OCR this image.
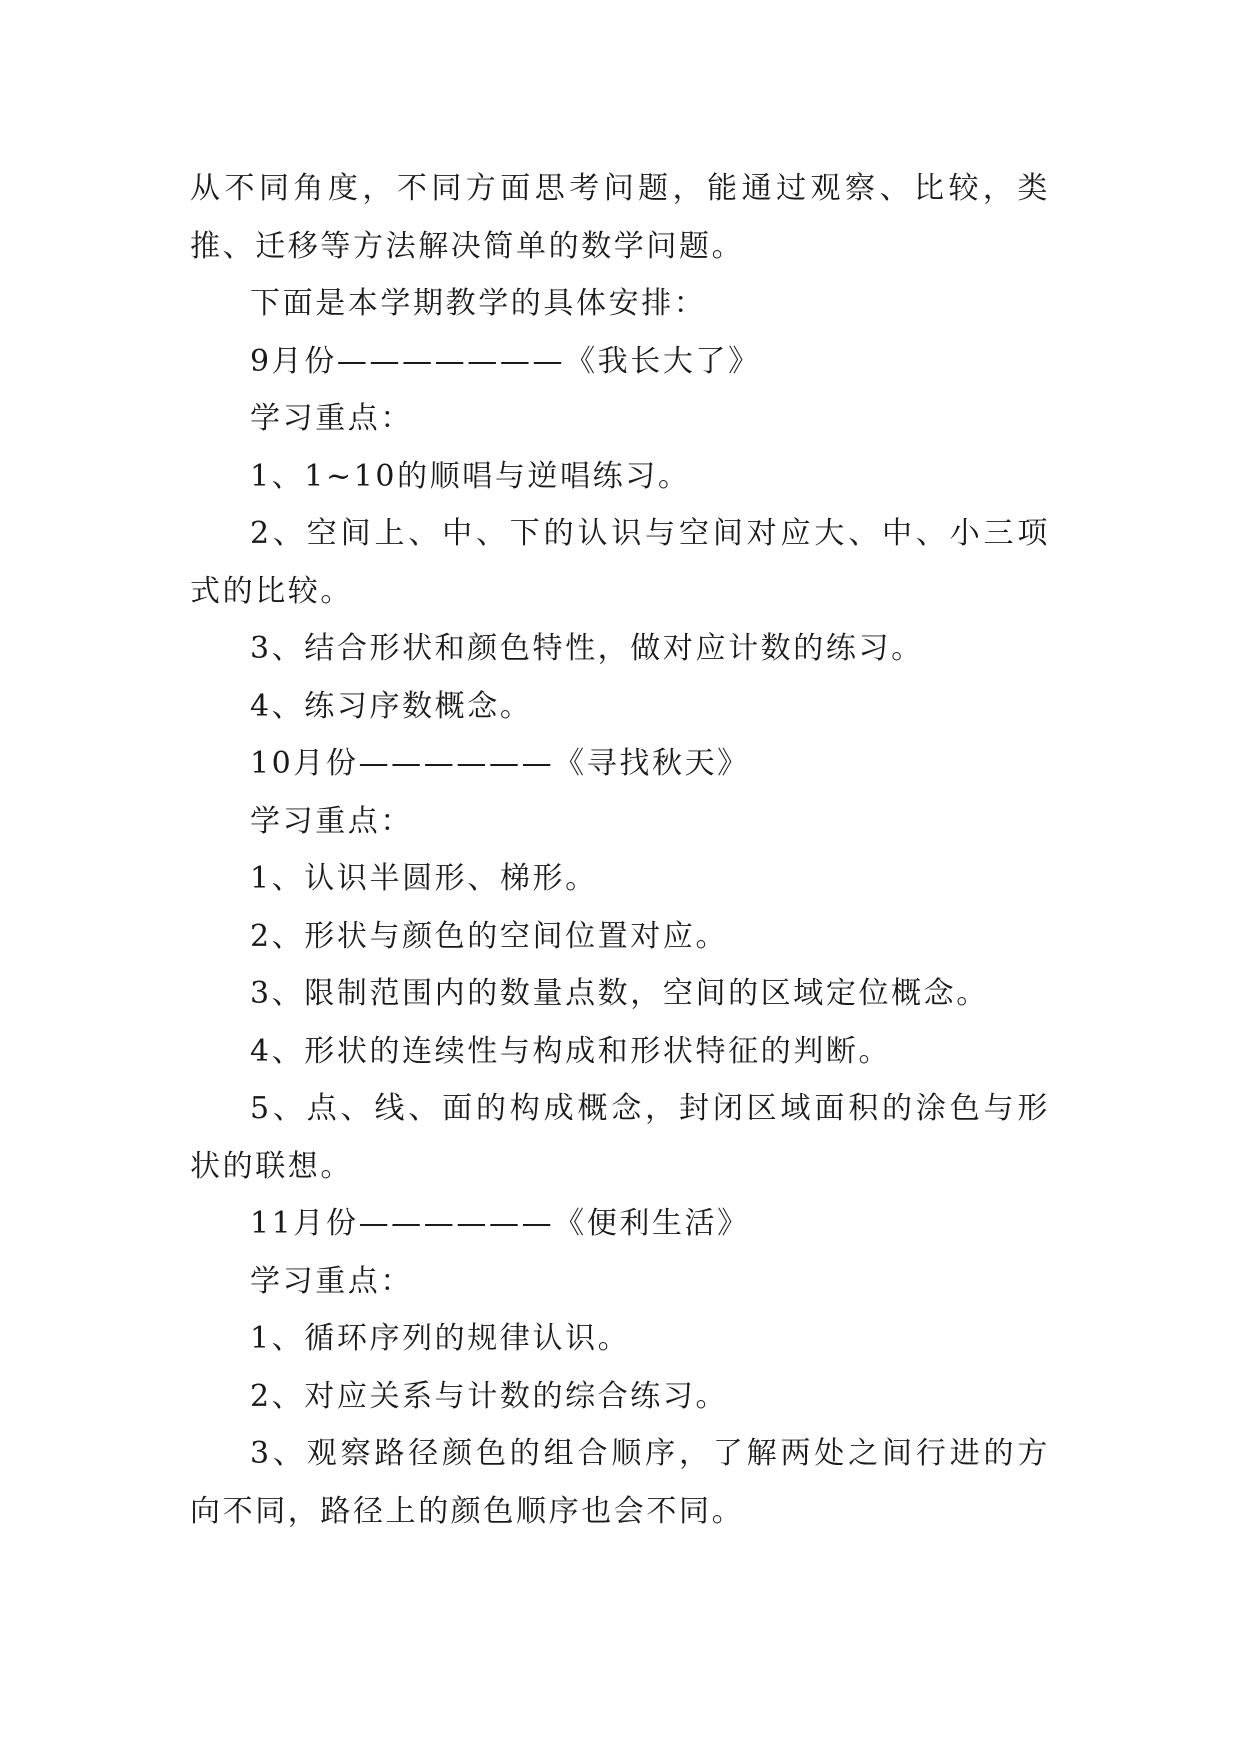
从不同角度，不同方面思考问题，能通过观察、比较，类推、迁移等方法解决简单的数学问题。

下面是本学期教学的具体安排：

9月份———————《我长大了》

学习重点：

1、1~10的顺唱与逆唱练习。

2、空间上、中、下的认识与空间对应大、中、小三项式的比较。

3、结合形状和颜色特性，做对应计数的练习。

4、练习序数概念。

10月份——————《寻找秋天》

学习重点：

1、认识半圆形、梯形。

2、形状与颜色的空间位置对应。

3、限制范围内的数量点数，空间的区域定位概念。

4、形状的连续性与构成和形状特征的判断。

5、点、线、面的构成概念，封闭区域面积的涂色与形状的联想。

11月份——————《便利生活》

学习重点：

1、循环序列的规律认识。

2、对应关系与计数的综合练习。

3、观察路径颜色的组合顺序，了解两处之间行进的方向不同，路径上的颜色顺序也会不同。
